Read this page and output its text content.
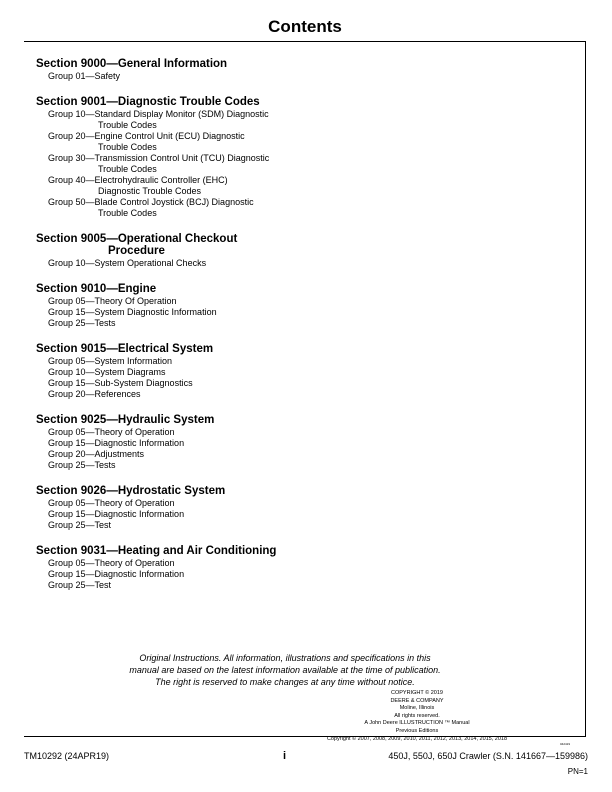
Contents
Section 9000—General Information
Group 01—Safety
Section 9001—Diagnostic Trouble Codes
Group 10—Standard Display Monitor (SDM) Diagnostic
Trouble Codes
Group 20—Engine Control Unit (ECU) Diagnostic
Trouble Codes
Group 30—Transmission Control Unit (TCU) Diagnostic
Trouble Codes
Group 40—Electrohydraulic Controller (EHC)
Diagnostic Trouble Codes
Group 50—Blade Control Joystick (BCJ) Diagnostic
Trouble Codes
Section 9005—Operational Checkout
Procedure
Group 10—System Operational Checks
Section 9010—Engine
Group 05—Theory Of Operation
Group 15—System Diagnostic Information
Group 25—Tests
Section 9015—Electrical System
Group 05—System Information
Group 10—System Diagrams
Group 15—Sub-System Diagnostics
Group 20—References
Section 9025—Hydraulic System
Group 05—Theory of Operation
Group 15—Diagnostic Information
Group 20—Adjustments
Group 25—Tests
Section 9026—Hydrostatic System
Group 05—Theory of Operation
Group 15—Diagnostic Information
Group 25—Test
Section 9031—Heating and Air Conditioning
Group 05—Theory of Operation
Group 15—Diagnostic Information
Group 25—Test
Original Instructions. All information, illustrations and specifications in this
manual are based on the latest information available at the time of publication.
The right is reserved to make changes at any time without notice.
COPYRIGHT © 2019
DEERE & COMPANY
Moline, Illinois
All rights reserved.
A John Deere ILLUSTRUCTION ™ Manual
Previous Editions
Copyright © 2007, 2008, 2009, 2010, 2011, 2012, 2013, 2014, 2015, 2018
042419
TM10292 (24APR19)	i	450J, 550J, 650J Crawler (S.N. 141667—159986)
PN=1
